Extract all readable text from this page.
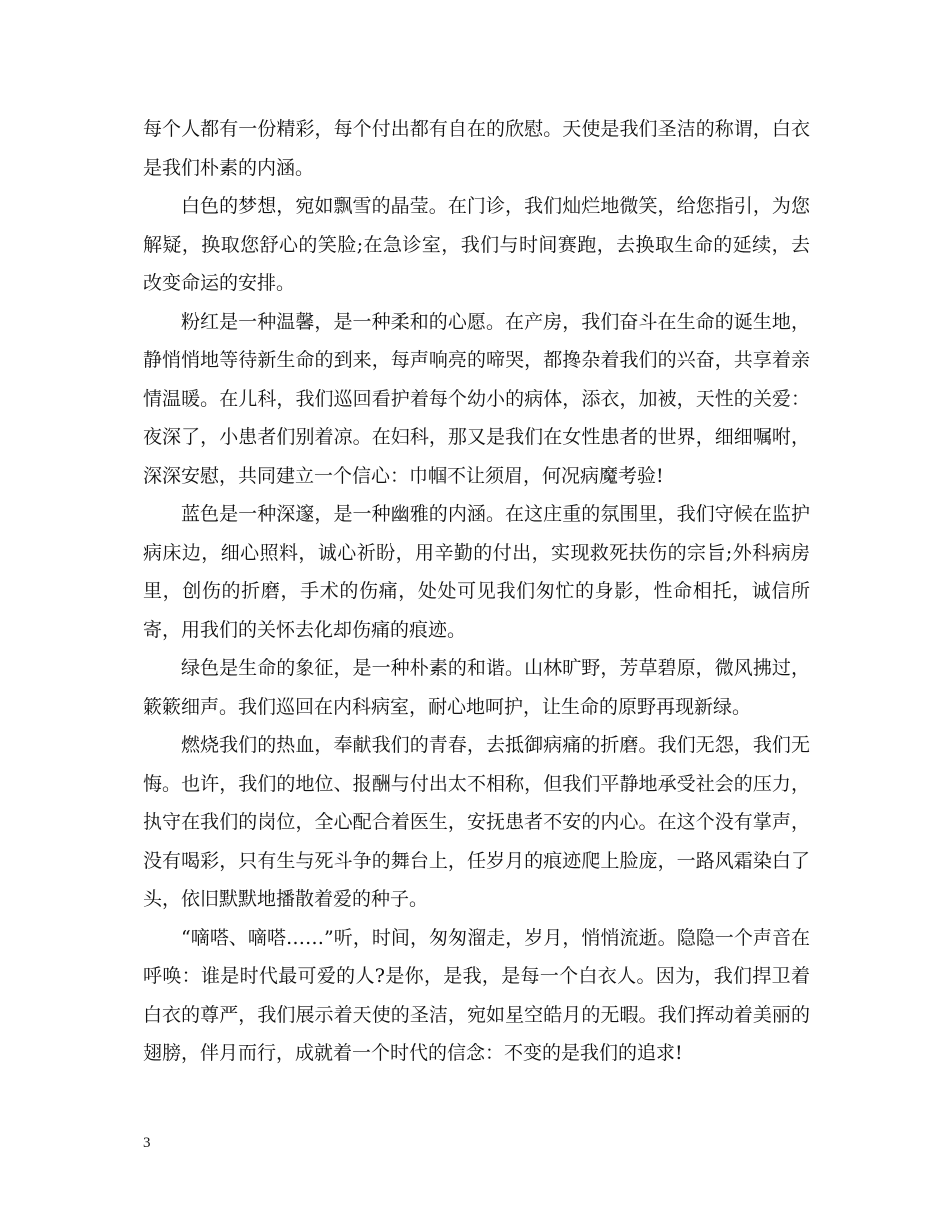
每个人都有一份精彩，每个付出都有自在的欣慰。天使是我们圣洁的称谓，白衣是我们朴素的内涵。

白色的梦想，宛如飘雪的晶莹。在门诊，我们灿烂地微笑，给您指引，为您解疑，换取您舒心的笑脸;在急诊室，我们与时间赛跑，去换取生命的延续，去改变命运的安排。

粉红是一种温馨，是一种柔和的心愿。在产房，我们奋斗在生命的诞生地，静悄悄地等待新生命的到来，每声响亮的啼哭，都搀杂着我们的兴奋，共享着亲情温暖。在儿科，我们巡回看护着每个幼小的病体，添衣，加被，天性的关爱：夜深了，小患者们别着凉。在妇科，那又是我们在女性患者的世界，细细嘱咐，深深安慰，共同建立一个信心：巾帼不让须眉，何况病魔考验!

蓝色是一种深邃，是一种幽雅的内涵。在这庄重的氛围里，我们守候在监护病床边，细心照料，诚心祈盼，用辛勤的付出，实现救死扶伤的宗旨;外科病房里，创伤的折磨，手术的伤痛，处处可见我们匆忙的身影，性命相托，诚信所寄，用我们的关怀去化却伤痛的痕迹。

绿色是生命的象征，是一种朴素的和谐。山林旷野，芳草碧原，微风拂过，簌簌细声。我们巡回在内科病室，耐心地呵护，让生命的原野再现新绿。

燃烧我们的热血，奉献我们的青春，去抵御病痛的折磨。我们无怨，我们无悔。也许，我们的地位、报酬与付出太不相称，但我们平静地承受社会的压力，执守在我们的岗位，全心配合着医生，安抚患者不安的内心。在这个没有掌声，没有喝彩，只有生与死斗争的舞台上，任岁月的痕迹爬上脸庞，一路风霜染白了头，依旧默默地播散着爱的种子。

“嘀嗒、嘀嗒……”听，时间，匆匆溜走，岁月，悄悄流逝。隐隐一个声音在呼唤：谁是时代最可爱的人?是你，是我，是每一个白衣人。因为，我们捍卫着白衣的尊严，我们展示着天使的圣洁，宛如星空皓月的无暇。我们挥动着美丽的翅膀，伴月而行，成就着一个时代的信念：不变的是我们的追求!

3
